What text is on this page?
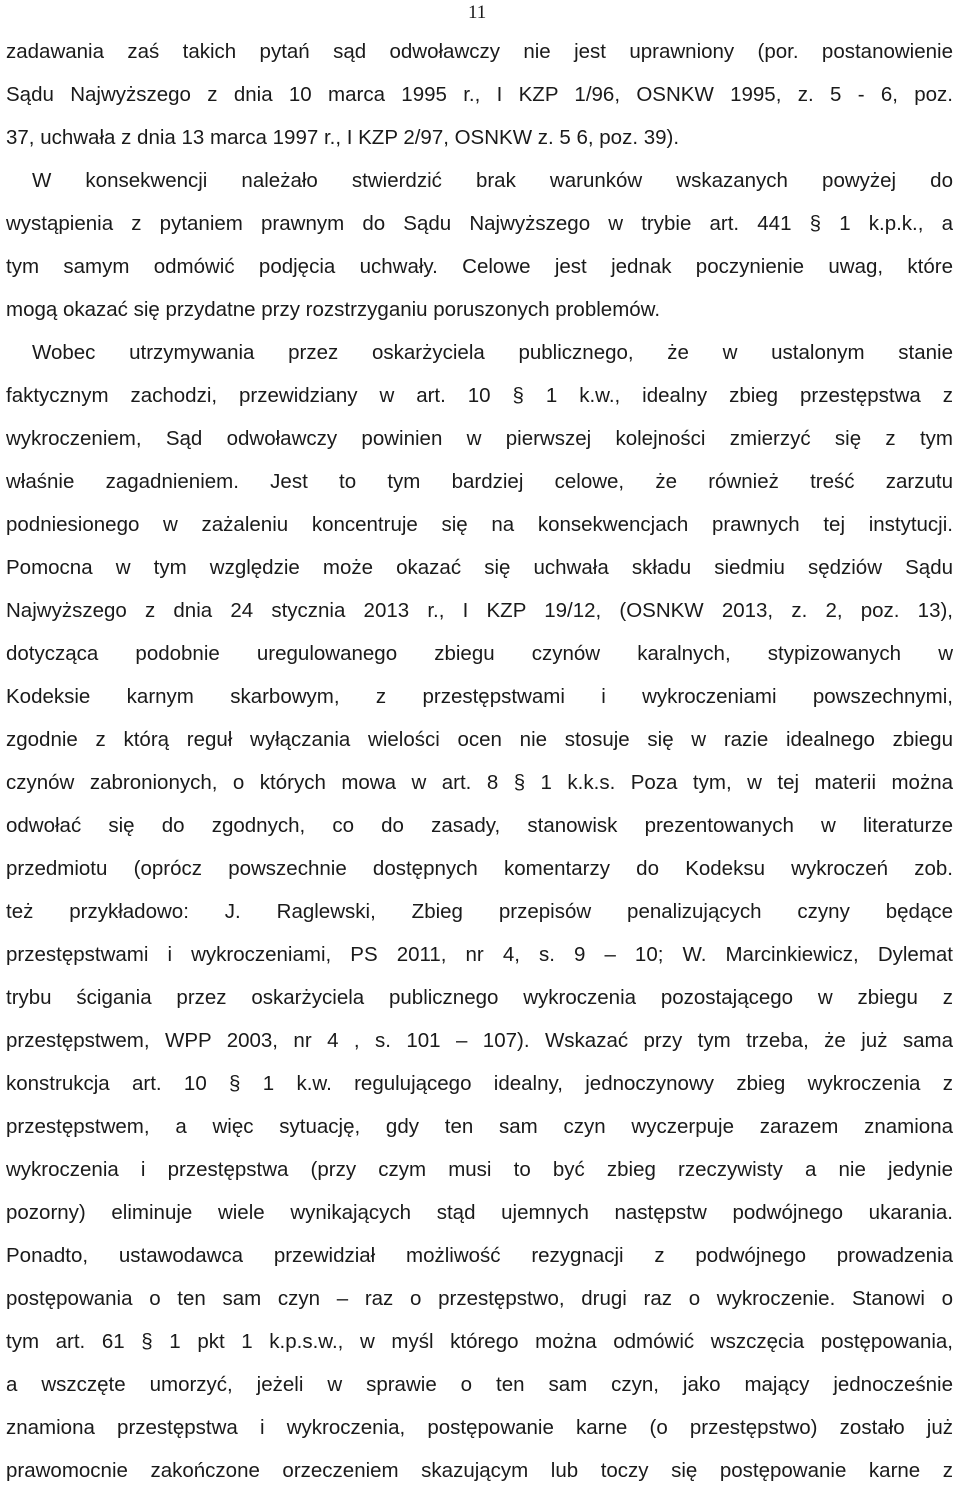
11
zadawania zaś takich pytań sąd odwoławczy nie jest uprawniony (por. postanowienie
Sądu Najwyższego z dnia 10 marca 1995 r., I KZP 1/96, OSNKW 1995, z. 5 - 6, poz.
37, uchwała z dnia 13 marca 1997 r., I KZP 2/97, OSNKW z. 5 6, poz. 39).
W konsekwencji należało stwierdzić brak warunków wskazanych powyżej do
wystąpienia z pytaniem prawnym do Sądu Najwyższego w trybie art. 441 § 1 k.p.k., a
tym samym odmówić podjęcia uchwały. Celowe jest jednak poczynienie uwag, które
mogą okazać się przydatne przy rozstrzyganiu poruszonych problemów.
Wobec utrzymywania przez oskarżyciela publicznego, że w ustalonym stanie
faktycznym zachodzi, przewidziany w art. 10 § 1 k.w., idealny zbieg przestępstwa z
wykroczeniem, Sąd odwoławczy powinien w pierwszej kolejności zmierzyć się z tym
właśnie zagadnieniem. Jest to tym bardziej celowe, że również treść zarzutu
podniesionego w zażaleniu koncentruje się na konsekwencjach prawnych tej instytucji.
Pomocna w tym względzie może okazać się uchwała składu siedmiu sędziów Sądu
Najwyższego z dnia 24 stycznia 2013 r., I KZP 19/12, (OSNKW 2013, z. 2, poz. 13),
dotycząca podobnie uregulowanego zbiegu czynów karalnych, stypizowanych w
Kodeksie karnym skarbowym, z przestępstwami i wykroczeniami powszechnymi,
zgodnie z którą reguł wyłączania wielości ocen nie stosuje się w razie idealnego zbiegu
czynów zabronionych, o których mowa w art. 8 § 1 k.k.s. Poza tym, w tej materii można
odwołać się do zgodnych, co do zasady, stanowisk prezentowanych w literaturze
przedmiotu (oprócz powszechnie dostępnych komentarzy do Kodeksu wykroczeń zob.
też przykładowo: J. Raglewski, Zbieg przepisów penalizujących czyny będące
przestępstwami i wykroczeniami, PS 2011, nr 4, s. 9 – 10; W. Marcinkiewicz, Dylemat
trybu ścigania przez oskarżyciela publicznego wykroczenia pozostającego w zbiegu z
przestępstwem, WPP 2003, nr 4 , s. 101 – 107). Wskazać przy tym trzeba, że już sama
konstrukcja art. 10 § 1 k.w. regulującego idealny, jednoczynowy zbieg wykroczenia z
przestępstwem, a więc sytuację, gdy ten sam czyn wyczerpuje zarazem znamiona
wykroczenia i przestępstwa (przy czym musi to być zbieg rzeczywisty a nie jedynie
pozorny) eliminuje wiele wynikających stąd ujemnych następstw podwójnego ukarania.
Ponadto, ustawodawca przewidział możliwość rezygnacji z podwójnego prowadzenia
postępowania o ten sam czyn – raz o przestępstwo, drugi raz o wykroczenie. Stanowi o
tym art. 61 § 1 pkt 1 k.p.s.w., w myśl którego można odmówić wszczęcia postępowania,
a wszczęte umorzyć, jeżeli w sprawie o ten sam czyn, jako mający jednocześnie
znamiona przestępstwa i wykroczenia, postępowanie karne (o przestępstwo) zostało już
prawomocnie zakończone orzeczeniem skazującym lub toczy się postępowanie karne z
